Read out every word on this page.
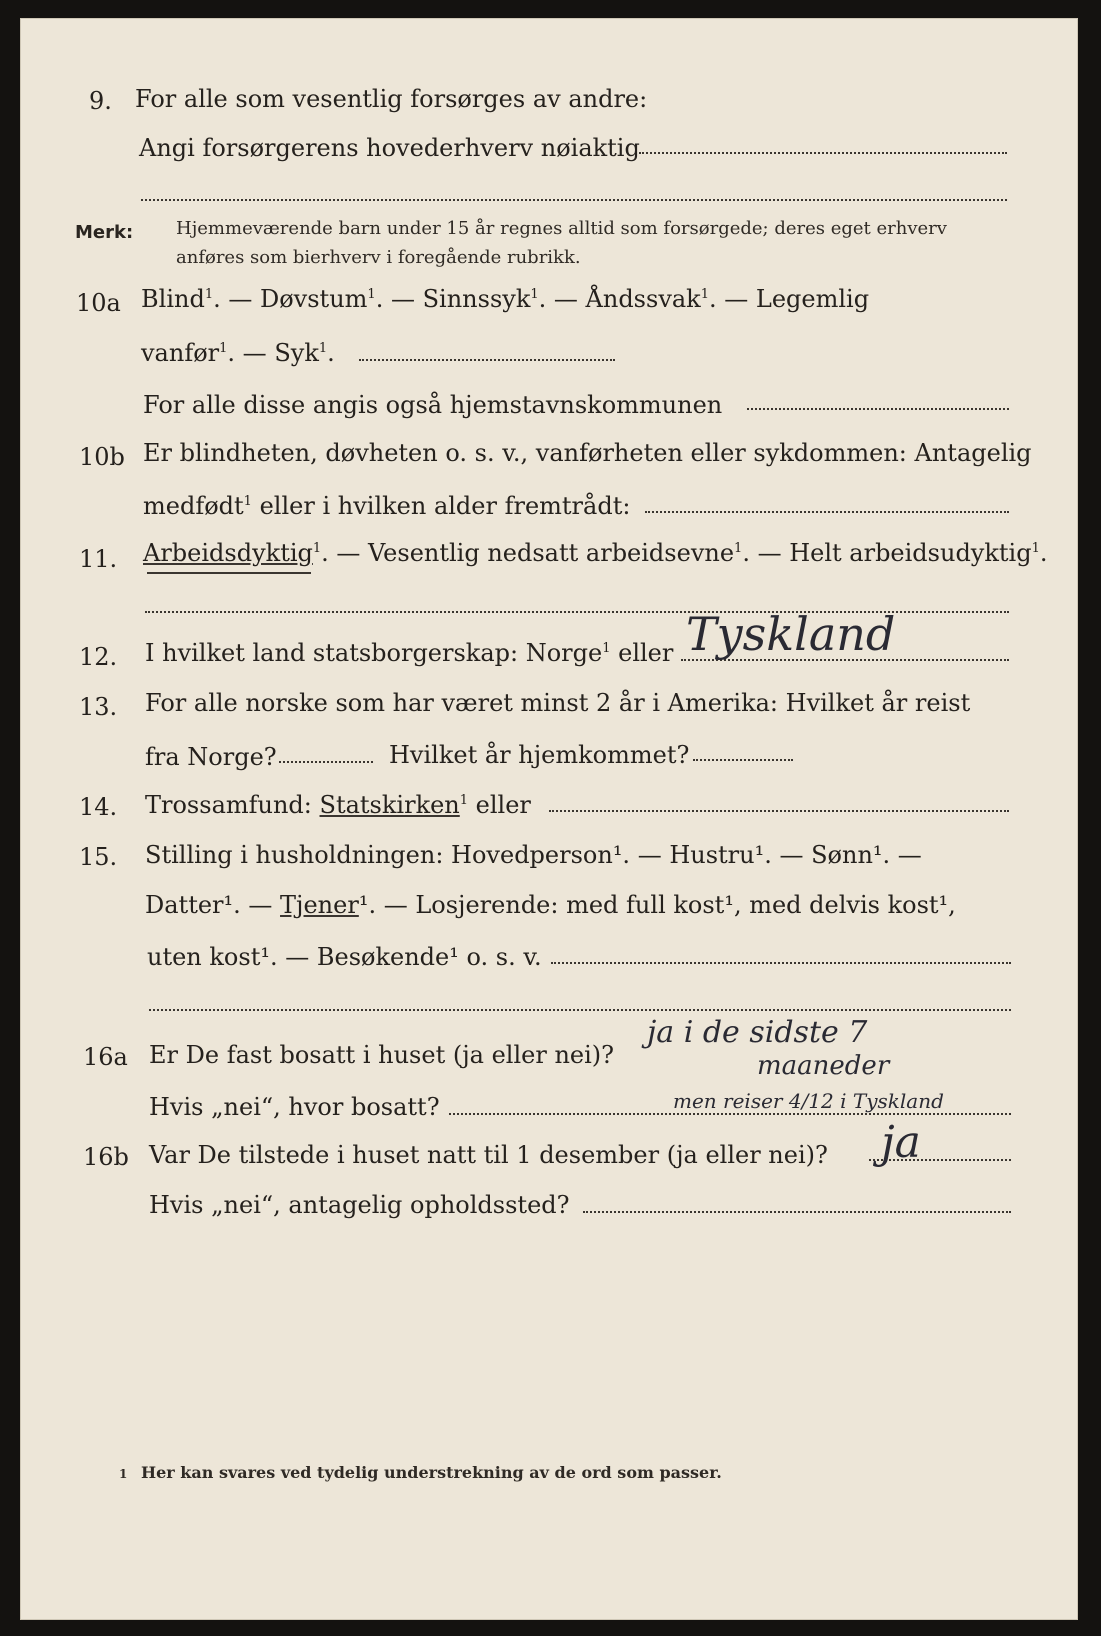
9. For alle som vesentlig forsørges av andre:
Angi forsørgerens hovederhverv nøiaktig
Merk: Hjemmeværende barn under 15 år regnes alltid som forsørgede; deres eget erhverv
anføres som bierhverv i foregående rubrikk.
10a Blind$^1$. — Døvstum$^1$. — Sinnssyk$^1$. — Åndssvak$^1$. — Legemlig
vanfør$^1$. — Syk$^1$.
For alle disse angis også hjemstavnskommunen
10b Er blindheten, døvheten o. s. v., vanførheten eller sykdommen: Antagelig
medfødt$^1$ eller i hvilken alder fremtrådt:
11. Arbeidsdyktig$^1$. — Vesentlig nedsatt arbeidsevne$^1$. — Helt arbeidsudyktig$^1$.
12. I hvilket land statsborgerskap: Norge$^1$ eller Tyskland
13. For alle norske som har været minst 2 år i Amerika: Hvilket år reist
fra Norge?	Hvilket år hjemkommet?
14. Trossamfund: Statskirken$^1$ eller
15. Stilling i husholdningen: Hovedperson¹. — Hustru¹. — Sønn¹. —
Datter¹. — Tjener¹. — Losjerende: med full kost¹, med delvis kost¹,
uten kost¹. — Besøkende¹ o. s. v.
16a Er De fast bosatt i huset (ja eller nei)?
Hvis „nei“, hvor bosatt?
ja i de sidste 7
maaneder
men reiser 4/12 i Tyskland
16b Var De tilstede i huset natt til 1 desember (ja eller nei)? ja
Hvis „nei“, antagelig opholdssted?
1 Her kan svares ved tydelig understrekning av de ord som passer.
